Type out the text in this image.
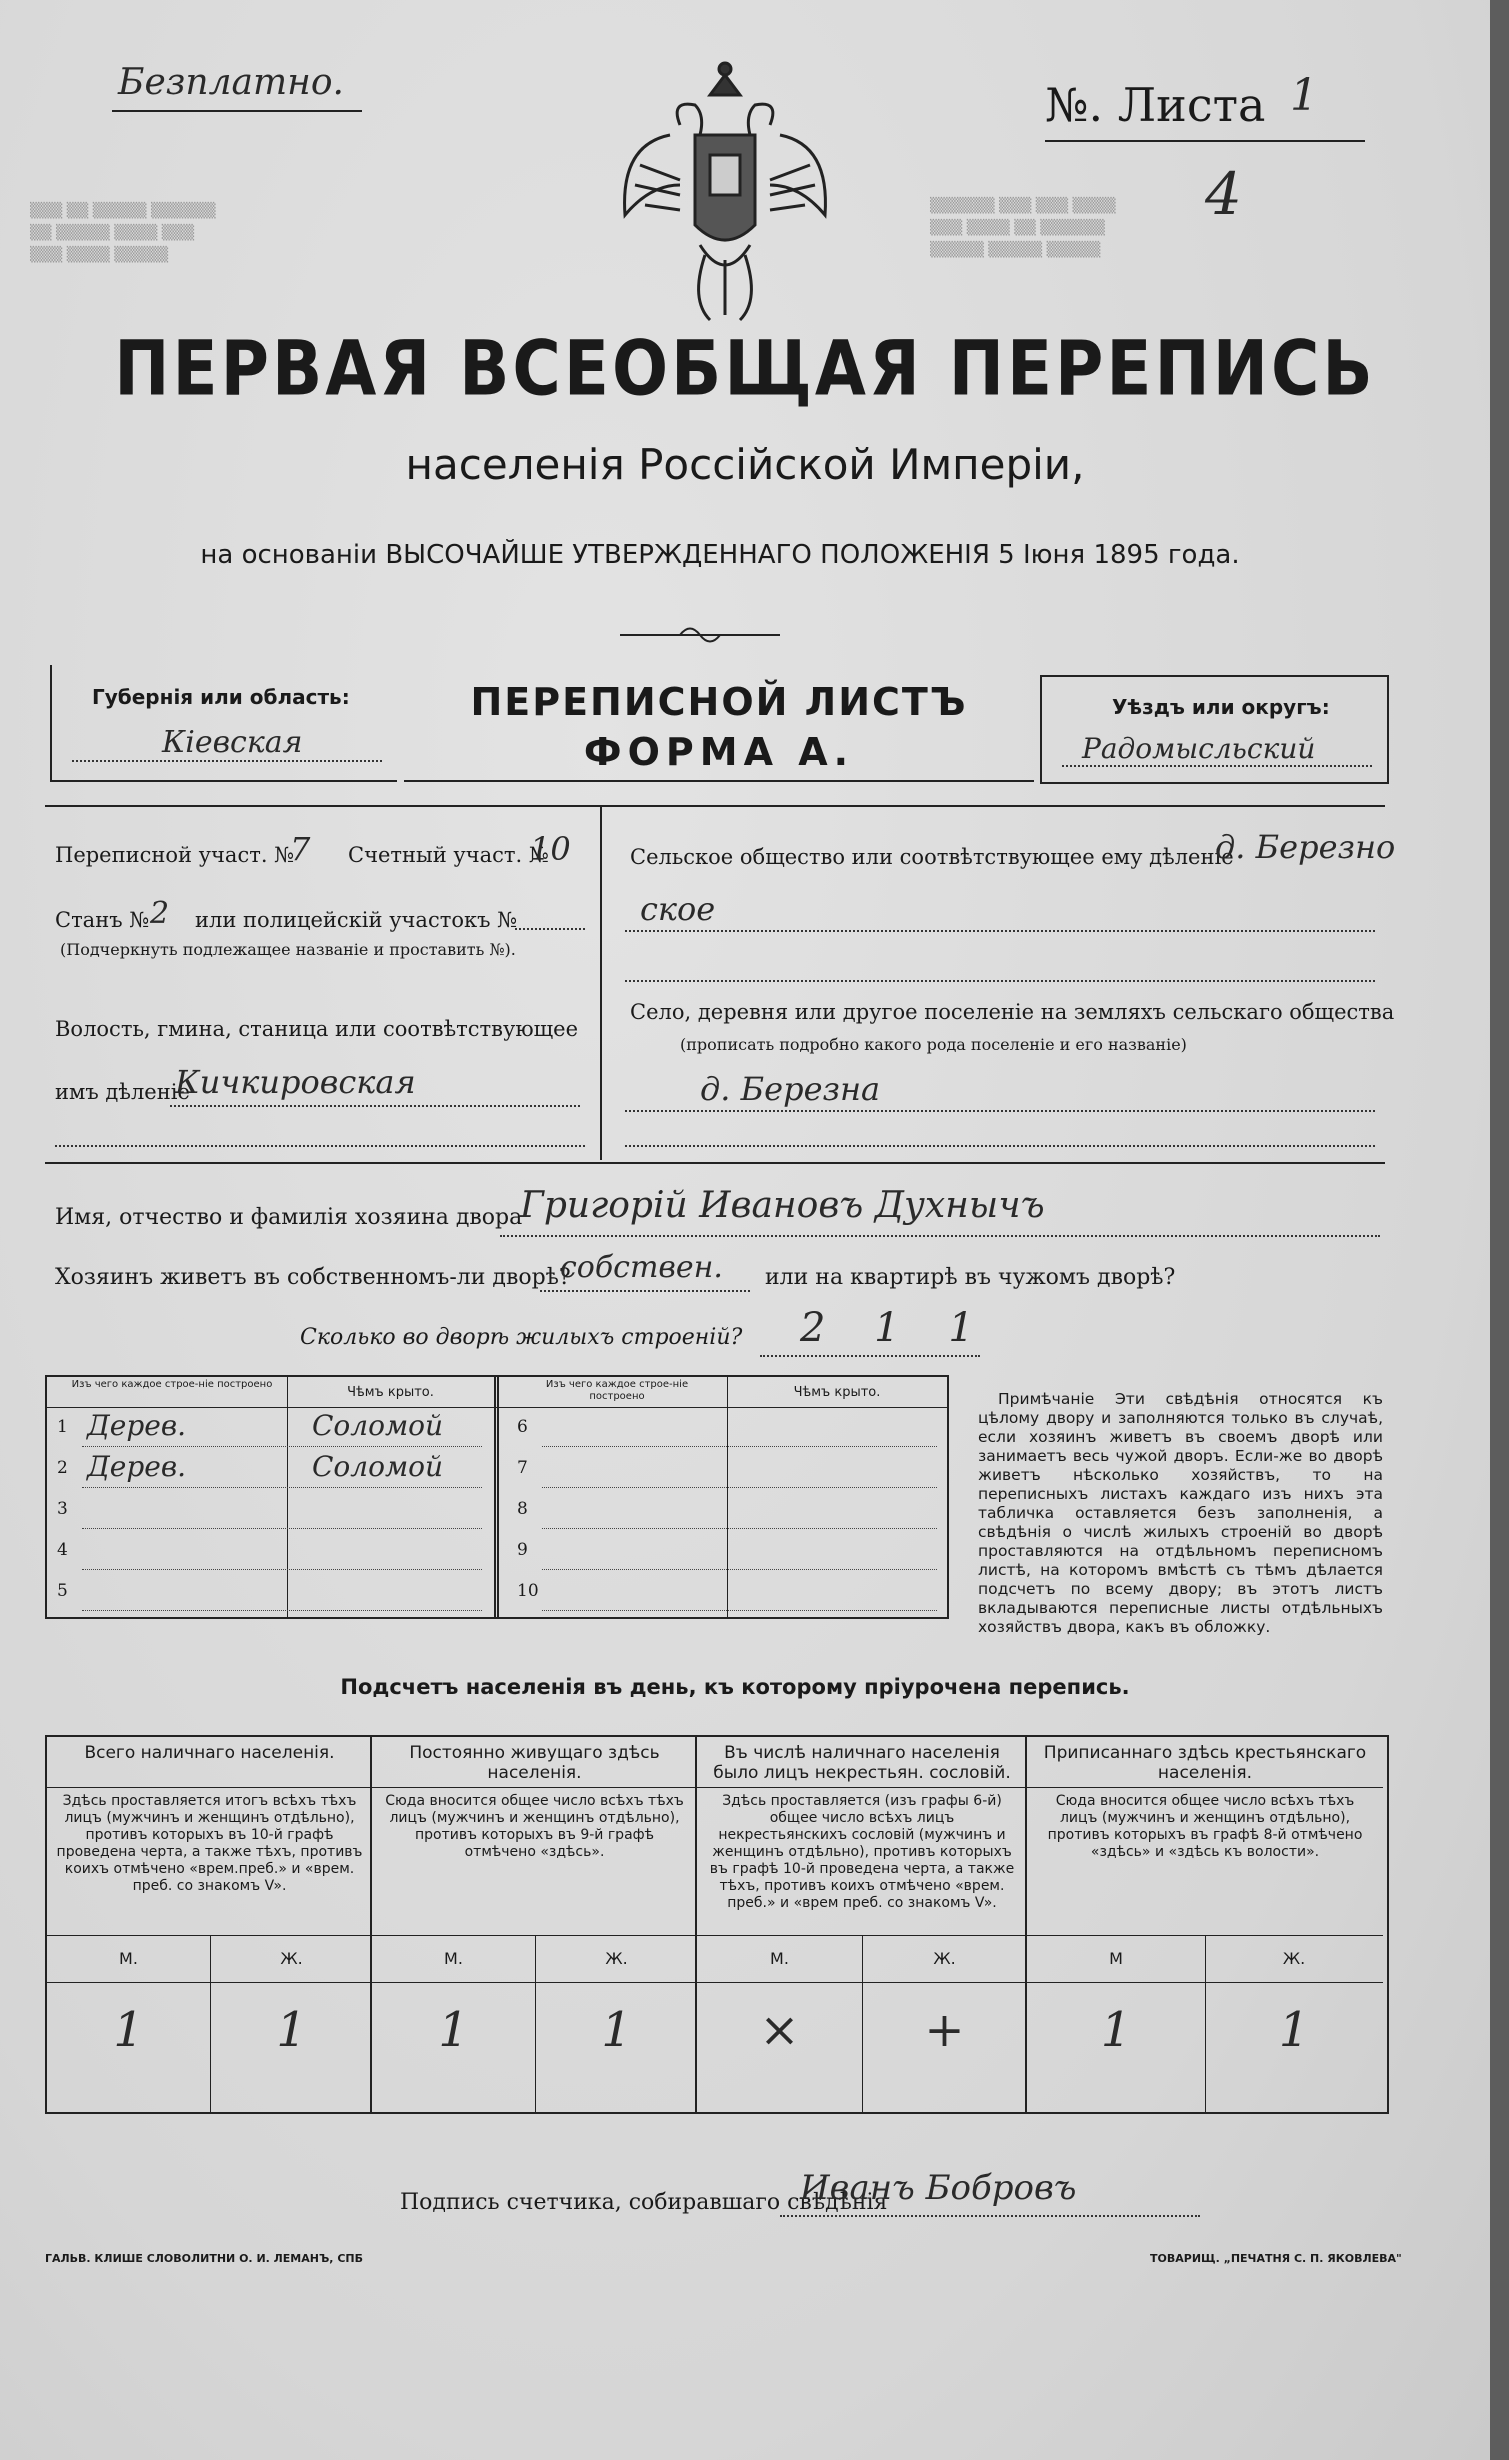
Безплатно.	№. Листа 1
4
▒▒▒ ▒▒ ▒▒▒▒▒ ▒▒▒▒▒▒
▒▒ ▒▒▒▒▒ ▒▒▒▒ ▒▒▒
▒▒▒ ▒▒▒▒ ▒▒▒▒▒
▒▒▒▒▒▒ ▒▒▒ ▒▒▒ ▒▒▒▒
▒▒▒ ▒▒▒▒ ▒▒ ▒▒▒▒▒▒
▒▒▒▒▒ ▒▒▒▒▒ ▒▒▒▒▒
ПЕРВАЯ ВСЕОБЩАЯ ПЕРЕПИСЬ
населенія Россійской Имперіи,
на основаніи ВЫСОЧАЙШЕ УТВЕРЖДЕННАГО ПОЛОЖЕНІЯ 5 Іюня 1895 года.
Губернія или область:
Кіевская
ПЕРЕПИСНОЙ ЛИСТЪ
ФОРМА А.
Уѣздъ или округъ:
Радомысльский
Переписной участ. №
7 Счетный участ. №
10
Станъ № 2 или полицейскій участокъ №
(Подчеркнуть подлежащее названіе и проставить №).
Волость, гмина, станица или соотвѣтствующее
имъ дѣленіе
Кичкировская
Сельское общество или соотвѣтствующее ему дѣленіе
д. Березно
ское
Село, деревня или другое поселеніе на земляхъ сельскаго общества
(прописать подробно какого рода поселеніе и его названіе)
д. Березна
Имя, отчество и фамилія хозяина двора
Григорій Ивановъ Духнычъ
Хозяинъ живетъ въ собственномъ-ли дворѣ?
собствен. или на квартирѣ въ чужомъ дворѣ?
Сколько во дворѣ жилыхъ строеній? 2 1 1
Изъ чего каждое строе-ніе построено
Чѣмъ крыто.
Изъ чего каждое строе-ніе построено	Чѣмъ крыто.
1 Дерев.	Соломой
2 Дерев.	Соломой
3
4
5
6
7
8
9
10
Примѣчаніе Эти свѣдѣнія относятся къ цѣлому двору и заполняются только въ случаѣ, если хозяинъ живетъ въ своемъ дворѣ или занимаетъ весь чужой дворъ. Если-же во дворѣ живетъ нѣсколько хозяйствъ, то на переписныхъ листахъ каждаго изъ нихъ эта табличка оставляется безъ заполненія, а свѣдѣнія о числѣ жилыхъ строеній во дворѣ проставляются на отдѣльномъ переписномъ листѣ, на которомъ вмѣстѣ съ тѣмъ дѣлается подсчетъ по всему двору; въ этотъ листъ вкладываются переписные листы отдѣльныхъ хозяйствъ двора, какъ въ обложку.
Подсчетъ населенія въ день, къ которому пріурочена перепись.
Всего наличнаго населенія.
Здѣсь проставляется итогъ всѣхъ тѣхъ лицъ (мужчинъ и женщинъ отдѣльно), противъ которыхъ въ 10-й графѣ проведена черта, а также тѣхъ, противъ коихъ отмѣчено «врем.преб.» и «врем. преб. со знакомъ V».
М.	Ж.
1	1
Постоянно живущаго здѣсь населенія.
Сюда вносится общее число всѣхъ тѣхъ лицъ (мужчинъ и женщинъ отдѣльно), противъ которыхъ въ 9-й графѣ отмѣчено «здѣсь».
М.	Ж.
1	1
Въ числѣ наличнаго населенія было лицъ некрестьян. сословій.
Здѣсь проставляется (изъ графы 6-й) общее число всѣхъ лицъ некрестьянскихъ сословій (мужчинъ и женщинъ отдѣльно), противъ которыхъ въ графѣ 10-й проведена черта, а также тѣхъ, противъ коихъ отмѣчено «врем. преб.» и «врем преб. со знакомъ V».
М.	Ж.
×	+
Приписаннаго здѣсь крестьянскаго населенія.
Сюда вносится общее число всѣхъ тѣхъ лицъ (мужчинъ и женщинъ отдѣльно), противъ которыхъ въ графѣ 8-й отмѣчено «здѣсь» и «здѣсь къ волости».
М	Ж.
1	1
Подпись счетчика, собиравшаго свѣдѣнія
Иванъ Бобровъ
ГАЛЬВ. КЛИШЕ СЛОВОЛИТНИ О. И. ЛЕМАНЪ, СПБ	ТОВАРИЩ. „ПЕЧАТНЯ С. П. ЯКОВЛЕВА"
